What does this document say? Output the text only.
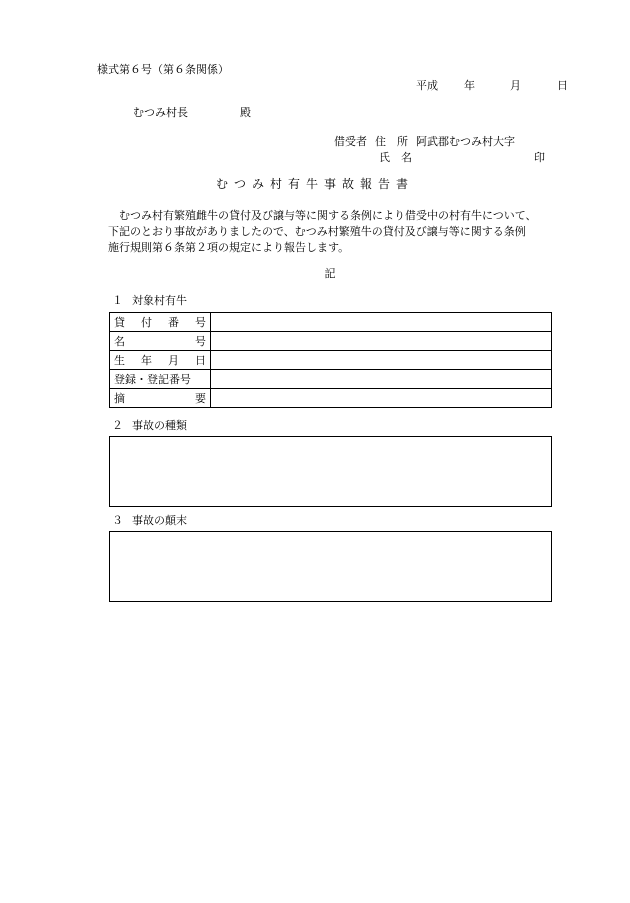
様式第６号（第６条関係）
平成 年	月	日
むつみ村長	殿
借受者 住　所 阿武郡むつみ村大字
氏　名	印
むつみ村有牛事故報告書

むつみ村有繁殖雌牛の貸付及び譲与等に関する条例により借受中の村有牛について、

下記のとおり事故がありましたので、むつみ村繁殖牛の貸付及び譲与等に関する条例

施行規則第６条第２項の規定により報告します。

記
１ 対象村有牛
貸 付 番 号	

名 号	

生 年 月 日	

登録・登記番号	

摘 要	

２ 事故の種類
３ 事故の顛末
